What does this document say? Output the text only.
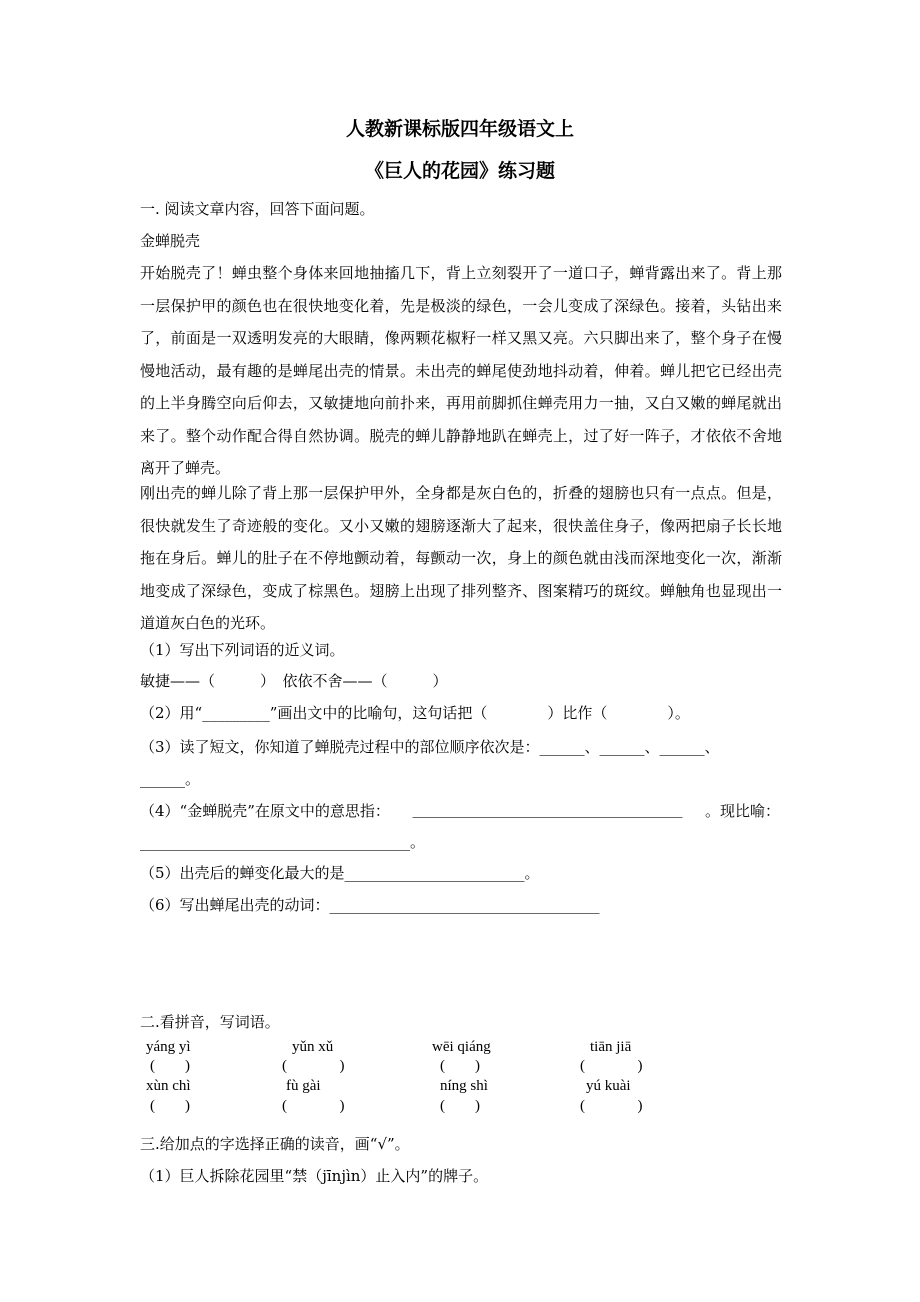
人教新课标版四年级语文上
《巨人的花园》练习题
一. 阅读文章内容，回答下面问题。
金蝉脱壳
开始脱壳了！蝉虫整个身体来回地抽搐几下，背上立刻裂开了一道口子，蝉背露出来了。背上那一层保护甲的颜色也在很快地变化着，先是极淡的绿色，一会儿变成了深绿色。接着，头钻出来了，前面是一双透明发亮的大眼睛，像两颗花椒籽一样又黑又亮。六只脚出来了，整个身子在慢慢地活动，最有趣的是蝉尾出壳的情景。未出壳的蝉尾使劲地抖动着，伸着。蝉儿把它已经出壳的上半身腾空向后仰去，又敏捷地向前扑来，再用前脚抓住蝉壳用力一抽，又白又嫩的蝉尾就出来了。整个动作配合得自然协调。脱壳的蝉儿静静地趴在蝉壳上，过了好一阵子，才依依不舍地离开了蝉壳。
刚出壳的蝉儿除了背上那一层保护甲外，全身都是灰白色的，折叠的翅膀也只有一点点。但是，很快就发生了奇迹般的变化。又小又嫩的翅膀逐渐大了起来，很快盖住身子，像两把扇子长长地拖在身后。蝉儿的肚子在不停地颤动着，每颤动一次，身上的颜色就由浅而深地变化一次，渐渐地变成了深绿色，变成了棕黑色。翅膀上出现了排列整齐、图案精巧的斑纹。蝉触角也显现出一道道灰白色的光环。
（1）写出下列词语的近义词。
敏捷——（　　　）　依依不舍——（　　　）
（2）用“_________”画出文中的比喻句，这句话把（　　　　）比作（　　　　）。
（3）读了短文，你知道了蝉脱壳过程中的部位顺序依次是：______、______、______、
______。
（4）“金蝉脱壳”在原文中的意思指： ____________________________________ 。现比喻：
____________________________________。
（5）出壳后的蝉变化最大的是________________________。
（6）写出蝉尾出壳的动词：____________________________________
二.看拼音，写词语。
yáng yì	yǔn xǔ	wēi qiáng	tiān jiā
(        )	(              )	(        )	(              )
xùn chì	fù gài	níng shì	yú kuài
(        )	(              )	(        )	(              )
三.给加点的字选择正确的读音，画“√”。
（1）巨人拆除花园里“禁（jīnjìn）止入内”的牌子。
